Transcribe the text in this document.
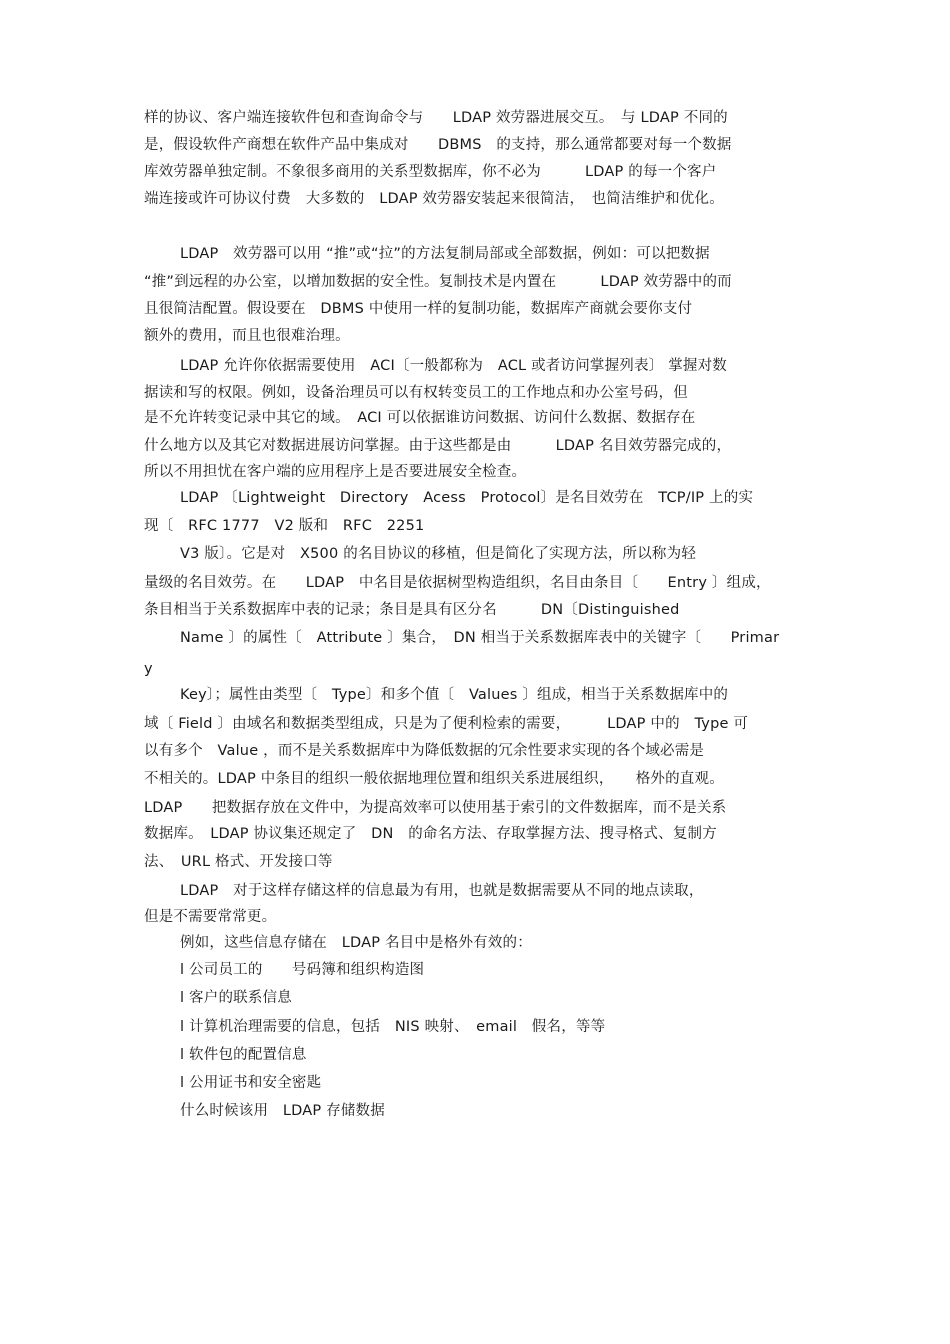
样的协议、客户端连接软件包和查询命令与　　LDAP 效劳器进展交互。　与 LDAP 不同的
是，假设软件产商想在软件产品中集成对　　DBMS　的支持，那么通常都要对每一个数据
库效劳器单独定制。不象很多商用的关系型数据库，你不必为　　　LDAP 的每一个客户
端连接或许可协议付费　大多数的　LDAP 效劳器安装起来很简洁，　也简洁维护和优化。
LDAP　效劳器可以用 “推”或“拉”的方法复制局部或全部数据，例如：可以把数据
“推”到远程的办公室，以增加数据的安全性。复制技术是内置在　　　LDAP 效劳器中的而
且很简洁配置。假设要在　DBMS 中使用一样的复制功能，数据库产商就会要你支付
额外的费用，而且也很难治理。
LDAP 允许你依据需要使用　ACI〔一般都称为　ACL 或者访问掌握列表〕 掌握对数
据读和写的权限。例如，设备治理员可以有权转变员工的工作地点和办公室号码，但
是不允许转变记录中其它的域。　ACI 可以依据谁访问数据、访问什么数据、数据存在
什么地方以及其它对数据进展访问掌握。由于这些都是由　　　LDAP 名目效劳器完成的，
所以不用担忧在客户端的应用程序上是否要进展安全检查。
LDAP 〔Lightweight　Directory　Acess　Protocol〕是名目效劳在　TCP/IP 上的实
现〔　RFC 1777　V2 版和　RFC　2251
V3 版〕。它是对　X500 的名目协议的移植，但是简化了实现方法，所以称为轻
量级的名目效劳。在　　LDAP　中名目是依据树型构造组织，名目由条目〔　　Entry 〕组成，
条目相当于关系数据库中表的记录；条目是具有区分名　　　DN〔Distinguished
Name 〕的属性〔　Attribute 〕集合，　DN 相当于关系数据库表中的关键字〔　　Primar
y
Key〕；属性由类型〔　Type〕和多个值〔　Values 〕组成，相当于关系数据库中的
域〔 Field 〕由域名和数据类型组成，只是为了便利检索的需要，　　　LDAP 中的　Type 可
以有多个　Value ，而不是关系数据库中为降低数据的冗余性要求实现的各个域必需是
不相关的。LDAP 中条目的组织一般依据地理位置和组织关系进展组织，　　格外的直观。
LDAP　　把数据存放在文件中，为提高效率可以使用基于索引的文件数据库，而不是关系
数据库。　LDAP 协议集还规定了　DN　的命名方法、存取掌握方法、搜寻格式、复制方
法、　URL 格式、开发接口等
LDAP　对于这样存储这样的信息最为有用，也就是数据需要从不同的地点读取，
但是不需要常常更。
例如，这些信息存储在　LDAP 名目中是格外有效的：
l 公司员工的　　号码簿和组织构造图
l 客户的联系信息
l 计算机治理需要的信息，包括　NIS 映射、　email　假名，等等
l 软件包的配置信息
l 公用证书和安全密匙
什么时候该用　LDAP 存储数据
